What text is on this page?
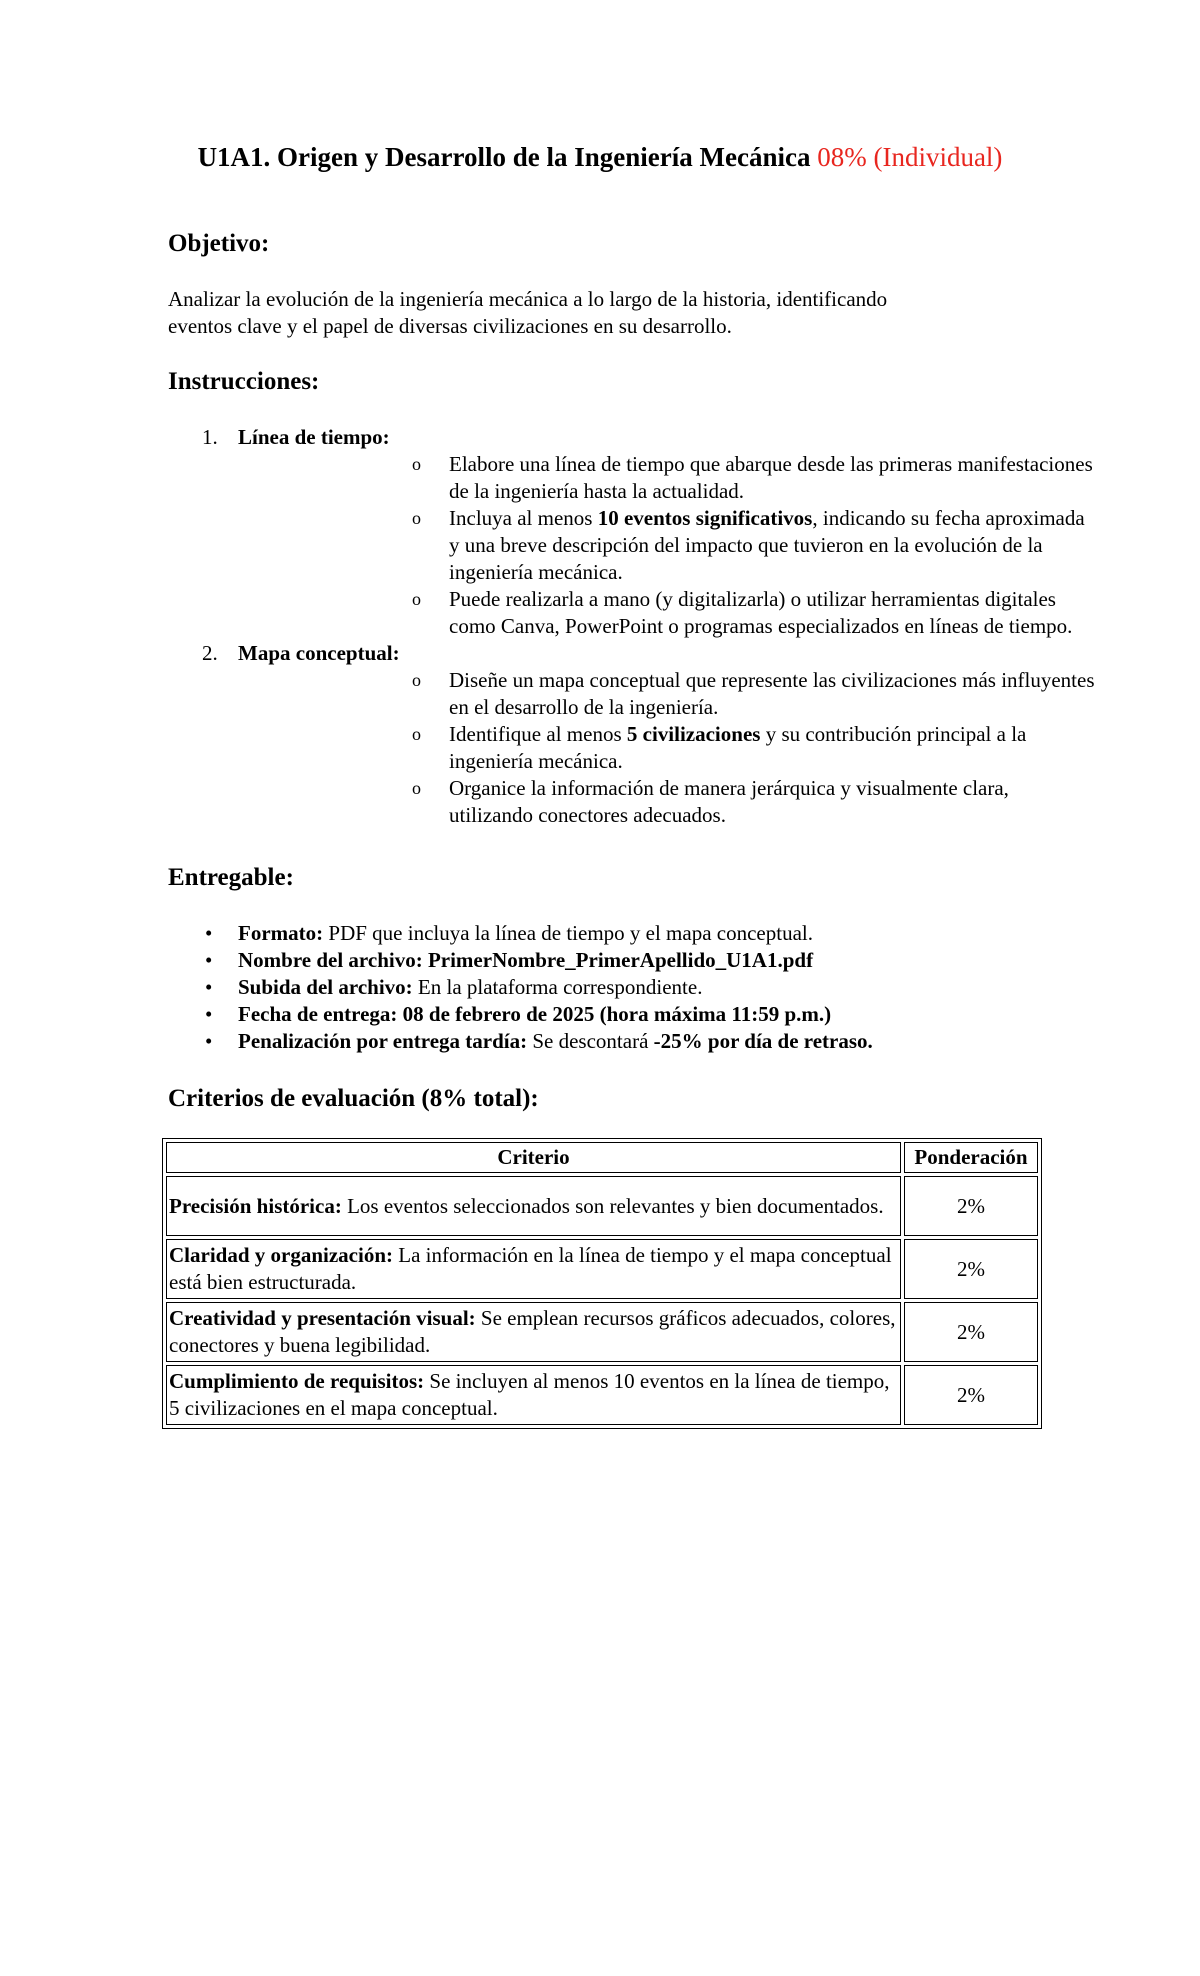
U1A1. Origen y Desarrollo de la Ingeniería Mecánica 08% (Individual)
Objetivo:
Analizar la evolución de la ingeniería mecánica a lo largo de la historia, identificando
eventos clave y el papel de diversas civilizaciones en su desarrollo.
Instrucciones:
1. Línea de tiempo:
o Elabore una línea de tiempo que abarque desde las primeras manifestaciones
de la ingeniería hasta la actualidad.
o Incluya al menos 10 eventos significativos, indicando su fecha aproximada
y una breve descripción del impacto que tuvieron en la evolución de la
ingeniería mecánica.
o Puede realizarla a mano (y digitalizarla) o utilizar herramientas digitales
como Canva, PowerPoint o programas especializados en líneas de tiempo.
2. Mapa conceptual:
o Diseñe un mapa conceptual que represente las civilizaciones más influyentes
en el desarrollo de la ingeniería.
o Identifique al menos 5 civilizaciones y su contribución principal a la
ingeniería mecánica.
o Organice la información de manera jerárquica y visualmente clara,
utilizando conectores adecuados.
Entregable:
• Formato: PDF que incluya la línea de tiempo y el mapa conceptual.
• Nombre del archivo: PrimerNombre_PrimerApellido_U1A1.pdf
• Subida del archivo: En la plataforma correspondiente.
• Fecha de entrega: 08 de febrero de 2025 (hora máxima 11:59 p.m.)
• Penalización por entrega tardía: Se descontará -25% por día de retraso.
Criterios de evaluación (8% total):
Criterio	Ponderación
Precisión histórica: Los eventos seleccionados son relevantes y bien documentados.	2%
Claridad y organización: La información en la línea de tiempo y el mapa conceptual está bien estructurada.	2%
Creatividad y presentación visual: Se emplean recursos gráficos adecuados, colores, conectores y buena legibilidad.	2%
Cumplimiento de requisitos: Se incluyen al menos 10 eventos en la línea de tiempo, 5 civilizaciones en el mapa conceptual.	2%
